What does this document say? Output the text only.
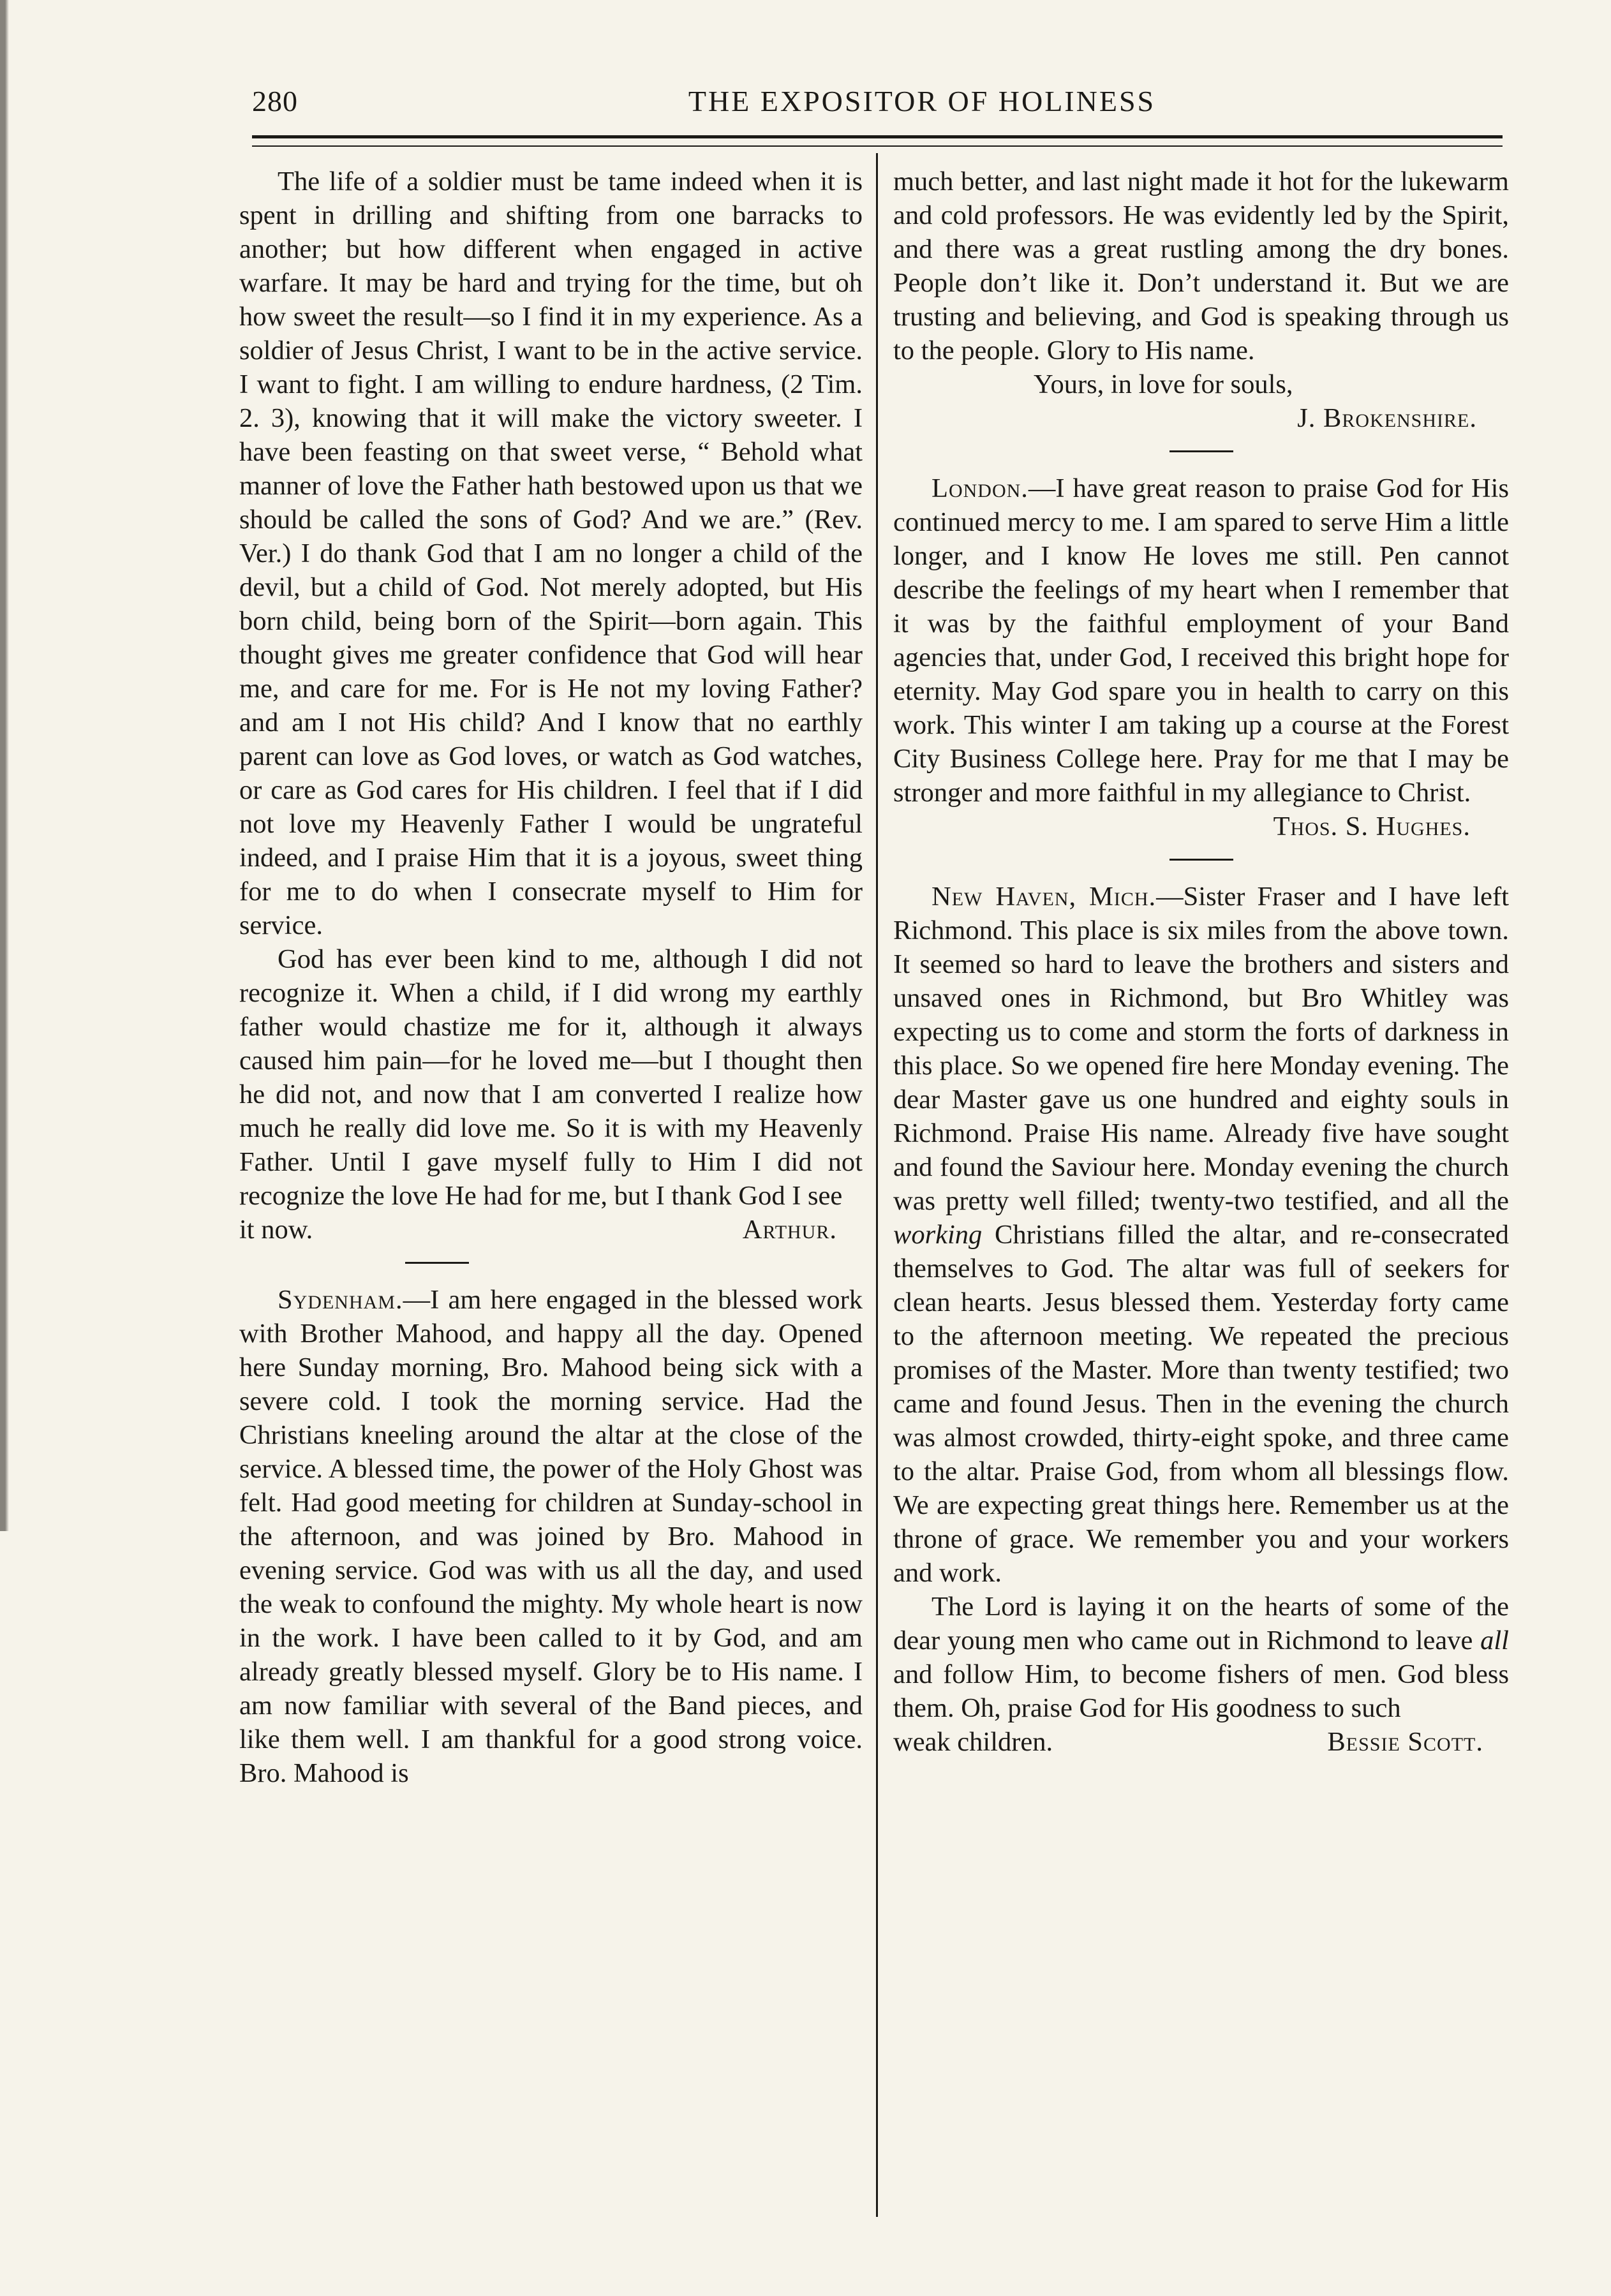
280	THE EXPOSITOR OF HOLINESS

The life of a soldier must be tame indeed when it is spent in drilling and shifting from one barracks to another; but how different when engaged in active warfare. It may be hard and trying for the time, but oh how sweet the result—so I find it in my experience. As a soldier of Jesus Christ, I want to be in the active service. I want to fight. I am willing to endure hardness, (2 Tim. 2. 3), knowing that it will make the victory sweeter. I have been feasting on that sweet verse, “ Behold what manner of love the Father hath bestowed upon us that we should be called the sons of God? And we are.” (Rev. Ver.) I do thank God that I am no longer a child of the devil, but a child of God. Not merely adopted, but His born child, being born of the Spirit—born again. This thought gives me greater confidence that God will hear me, and care for me. For is He not my loving Father? and am I not His child? And I know that no earthly parent can love as God loves, or watch as God watches, or care as God cares for His children. I feel that if I did not love my Heavenly Father I would be ungrateful indeed, and I praise Him that it is a joyous, sweet thing for me to do when I consecrate myself to Him for service.

God has ever been kind to me, although I did not recognize it. When a child, if I did wrong my earthly father would chastize me for it, although it always caused him pain—for he loved me—but I thought then he did not, and now that I am converted I realize how much he really did love me. So it is with my Heavenly Father. Until I gave myself fully to Him I did not recognize the love He had for me, but I thank God I see

it now.	Arthur.

Sydenham.—I am here engaged in the blessed work with Brother Mahood, and happy all the day. Opened here Sunday morning, Bro. Mahood being sick with a severe cold. I took the morning service. Had the Christians kneeling around the altar at the close of the service. A blessed time, the power of the Holy Ghost was felt. Had good meeting for children at Sunday-school in the afternoon, and was joined by Bro. Mahood in evening service. God was with us all the day, and used the weak to confound the mighty. My whole heart is now in the work. I have been called to it by God, and am already greatly blessed myself. Glory be to His name. I am now familiar with several of the Band pieces, and like them well. I am thankful for a good strong voice. Bro. Mahood is

much better, and last night made it hot for the lukewarm and cold professors. He was evidently led by the Spirit, and there was a great rustling among the dry bones. People don’t like it. Don’t understand it. But we are trusting and believing, and God is speaking through us to the people. Glory to His name.

Yours, in love for souls,

J. Brokenshire.

London.—I have great reason to praise God for His continued mercy to me. I am spared to serve Him a little longer, and I know He loves me still. Pen cannot describe the feelings of my heart when I remember that it was by the faithful employment of your Band agencies that, under God, I received this bright hope for eternity. May God spare you in health to carry on this work. This winter I am taking up a course at the Forest City Business College here. Pray for me that I may be stronger and more faithful in my allegiance to Christ.

Thos. S. Hughes.

New Haven, Mich.—Sister Fraser and I have left Richmond. This place is six miles from the above town. It seemed so hard to leave the brothers and sisters and unsaved ones in Richmond, but Bro Whitley was expecting us to come and storm the forts of darkness in this place. So we opened fire here Monday evening. The dear Master gave us one hundred and eighty souls in Richmond. Praise His name. Already five have sought and found the Saviour here. Monday evening the church was pretty well filled; twenty-two testified, and all the working Christians filled the altar, and re-consecrated themselves to God. The altar was full of seekers for clean hearts. Jesus blessed them. Yesterday forty came to the afternoon meeting. We repeated the precious promises of the Master. More than twenty testified; two came and found Jesus. Then in the evening the church was almost crowded, thirty-eight spoke, and three came to the altar. Praise God, from whom all blessings flow. We are expecting great things here. Remember us at the throne of grace. We remember you and your workers and work.

The Lord is laying it on the hearts of some of the dear young men who came out in Richmond to leave all and follow Him, to become fishers of men. God bless them. Oh, praise God for His goodness to such

weak children.	Bessie Scott.
